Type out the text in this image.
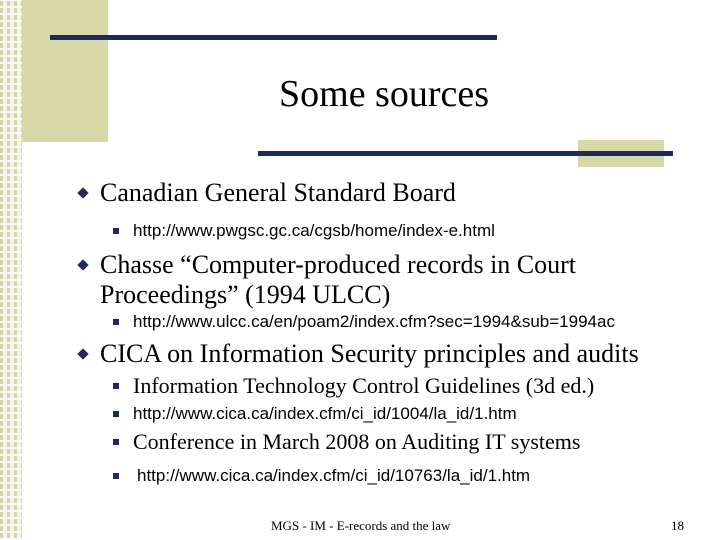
Some sources
Canadian General Standard Board
http://www.pwgsc.gc.ca/cgsb/home/index-e.html
Chasse “Computer-produced records in Court
Proceedings” (1994 ULCC)
http://www.ulcc.ca/en/poam2/index.cfm?sec=1994&sub=1994ac
CICA on Information Security principles and audits
Information Technology Control Guidelines (3d ed.)
http://www.cica.ca/index.cfm/ci_id/1004/la_id/1.htm
Conference in March 2008 on Auditing IT systems
http://www.cica.ca/index.cfm/ci_id/10763/la_id/1.htm
MGS - IM - E-records and the law	18
